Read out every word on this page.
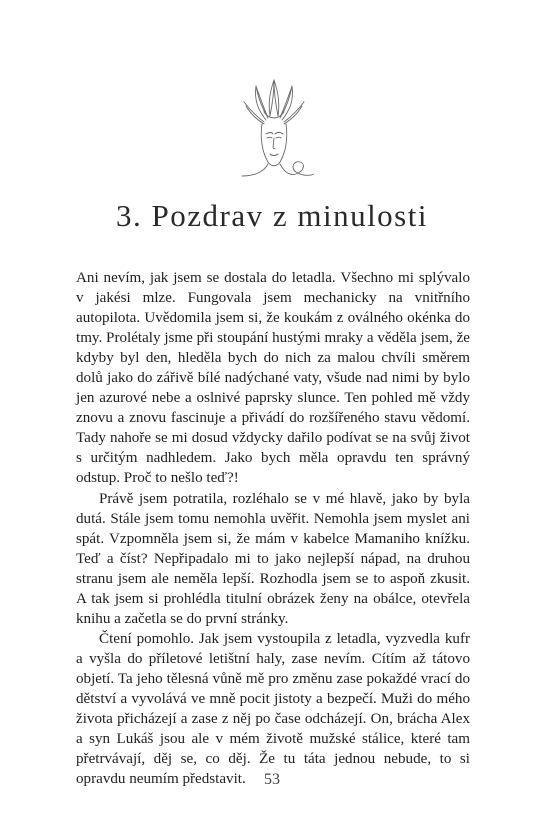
3. Pozdrav z minulosti

Ani nevím, jak jsem se dostala do letadla. Všechno mi splývalo v jakési mlze. Fungovala jsem mechanicky na vnitřního autopilota. Uvědomila jsem si, že koukám z oválného okénka do tmy. Prolétaly jsme při stoupání hustými mraky a věděla jsem, že kdyby byl den, hleděla bych do nich za malou chvíli směrem dolů jako do zářivě bílé nadýchané vaty, všude nad nimi by bylo jen azurové nebe a oslnivé paprsky slunce. Ten pohled mě vždy znovu a znovu fascinuje a přivádí do rozšířeného stavu vědomí. Tady nahoře se mi dosud vždycky dařilo podívat se na svůj život s určitým nadhledem. Jako bych měla opravdu ten správný odstup. Proč to nešlo teď?!

Právě jsem potratila, rozléhalo se v mé hlavě, jako by byla dutá. Stále jsem tomu nemohla uvěřit. Nemohla jsem myslet ani spát. Vzpomněla jsem si, že mám v kabelce Mamaniho knížku. Teď a číst? Nepřipadalo mi to jako nejlepší nápad, na druhou stranu jsem ale neměla lepší. Rozhodla jsem se to aspoň zkusit. A tak jsem si prohlédla titulní obrázek ženy na obálce, otevřela knihu a začetla se do první stránky.

Čtení pomohlo. Jak jsem vystoupila z letadla, vyzvedla kufr a vyšla do příletové letištní haly, zase nevím. Cítím až tátovo objetí. Ta jeho tělesná vůně mě pro změnu zase pokaždé vrací do dětství a vyvolává ve mně pocit jistoty a bezpečí. Muži do mého života přicházejí a zase z něj po čase odcházejí. On, brácha Alex a syn Lukáš jsou ale v mém životě mužské stálice, které tam přetrvávají, děj se, co děj. Že tu táta jednou nebude, to si opravdu neumím představit.	53
